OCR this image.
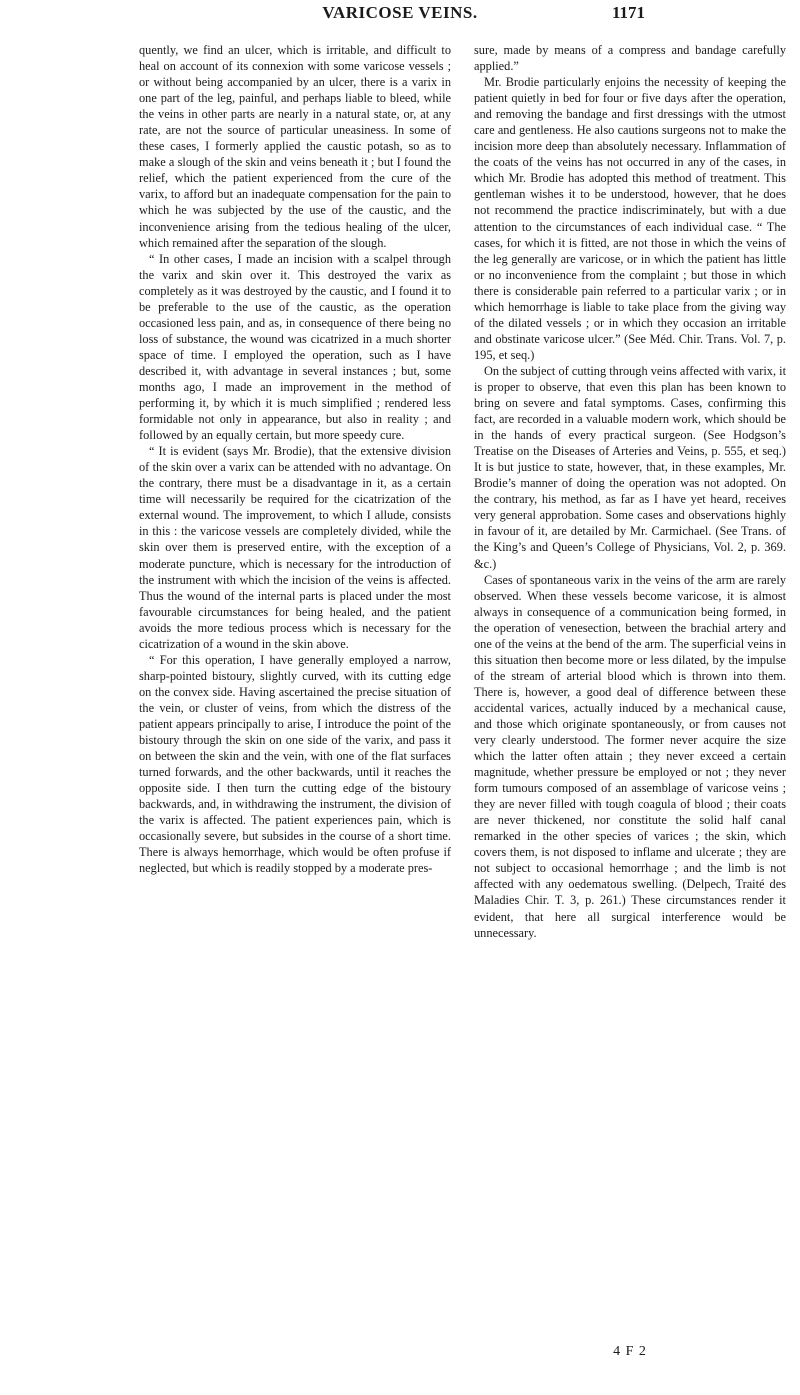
VARICOSE VEINS.	1171

quently, we find an ulcer, which is irritable, and difficult to heal on account of its connexion with some varicose vessels ; or without being accompanied by an ulcer, there is a varix in one part of the leg, painful, and perhaps liable to bleed, while the veins in other parts are nearly in a natural state, or, at any rate, are not the source of particular uneasiness. In some of these cases, I formerly applied the caustic potash, so as to make a slough of the skin and veins beneath it ; but I found the relief, which the patient experienced from the cure of the varix, to afford but an inadequate compensation for the pain to which he was subjected by the use of the caustic, and the inconvenience arising from the tedious healing of the ulcer, which remained after the separation of the slough.

“ In other cases, I made an incision with a scalpel through the varix and skin over it. This destroyed the varix as completely as it was destroyed by the caustic, and I found it to be preferable to the use of the caustic, as the operation occasioned less pain, and as, in consequence of there being no loss of substance, the wound was cicatrized in a much shorter space of time. I employed the operation, such as I have described it, with advantage in several instances ; but, some months ago, I made an improvement in the method of performing it, by which it is much simplified ; rendered less formidable not only in appearance, but also in reality ; and followed by an equally certain, but more speedy cure.

“ It is evident (says Mr. Brodie), that the extensive division of the skin over a varix can be attended with no advantage. On the contrary, there must be a disadvantage in it, as a certain time will necessarily be required for the cicatrization of the external wound. The improvement, to which I allude, consists in this : the varicose vessels are completely divided, while the skin over them is preserved entire, with the exception of a moderate puncture, which is necessary for the introduction of the instrument with which the incision of the veins is affected. Thus the wound of the internal parts is placed under the most favourable circumstances for being healed, and the patient avoids the more tedious process which is necessary for the cicatrization of a wound in the skin above.

“ For this operation, I have generally employed a narrow, sharp-pointed bistoury, slightly curved, with its cutting edge on the convex side. Having ascertained the precise situation of the vein, or cluster of veins, from which the distress of the patient appears principally to arise, I introduce the point of the bistoury through the skin on one side of the varix, and pass it on between the skin and the vein, with one of the flat surfaces turned forwards, and the other backwards, until it reaches the opposite side. I then turn the cutting edge of the bistoury backwards, and, in withdrawing the instrument, the division of the varix is affected. The patient experiences pain, which is occasionally severe, but subsides in the course of a short time. There is always hemorrhage, which would be often profuse if neglected, but which is readily stopped by a moderate pres-

sure, made by means of a compress and bandage carefully applied.”

Mr. Brodie particularly enjoins the necessity of keeping the patient quietly in bed for four or five days after the operation, and removing the bandage and first dressings with the utmost care and gentleness. He also cautions surgeons not to make the incision more deep than absolutely necessary. Inflammation of the coats of the veins has not occurred in any of the cases, in which Mr. Brodie has adopted this method of treatment. This gentleman wishes it to be understood, however, that he does not recommend the practice indiscriminately, but with a due attention to the circumstances of each individual case. “ The cases, for which it is fitted, are not those in which the veins of the leg generally are varicose, or in which the patient has little or no inconvenience from the complaint ; but those in which there is considerable pain referred to a particular varix ; or in which hemorrhage is liable to take place from the giving way of the dilated vessels ; or in which they occasion an irritable and obstinate varicose ulcer.” (See Méd. Chir. Trans. Vol. 7, p. 195, et seq.)

On the subject of cutting through veins affected with varix, it is proper to observe, that even this plan has been known to bring on severe and fatal symptoms. Cases, confirming this fact, are recorded in a valuable modern work, which should be in the hands of every practical surgeon. (See Hodgson’s Treatise on the Diseases of Arteries and Veins, p. 555, et seq.) It is but justice to state, however, that, in these examples, Mr. Brodie’s manner of doing the operation was not adopted. On the contrary, his method, as far as I have yet heard, receives very general approbation. Some cases and observations highly in favour of it, are detailed by Mr. Carmichael. (See Trans. of the King’s and Queen’s College of Physicians, Vol. 2, p. 369. &c.)

Cases of spontaneous varix in the veins of the arm are rarely observed. When these vessels become varicose, it is almost always in consequence of a communication being formed, in the operation of venesection, between the brachial artery and one of the veins at the bend of the arm. The superficial veins in this situation then become more or less dilated, by the impulse of the stream of arterial blood which is thrown into them. There is, however, a good deal of difference between these accidental varices, actually induced by a mechanical cause, and those which originate spontaneously, or from causes not very clearly understood. The former never acquire the size which the latter often attain ; they never exceed a certain magnitude, whether pressure be employed or not ; they never form tumours composed of an assemblage of varicose veins ; they are never filled with tough coagula of blood ; their coats are never thickened, nor constitute the solid half canal remarked in the other species of varices ; the skin, which covers them, is not disposed to inflame and ulcerate ; they are not subject to occasional hemorrhage ; and the limb is not affected with any oedematous swelling. (Delpech, Traité des Maladies Chir. T. 3, p. 261.) These circumstances render it evident, that here all surgical interference would be unnecessary.

4 F 2
